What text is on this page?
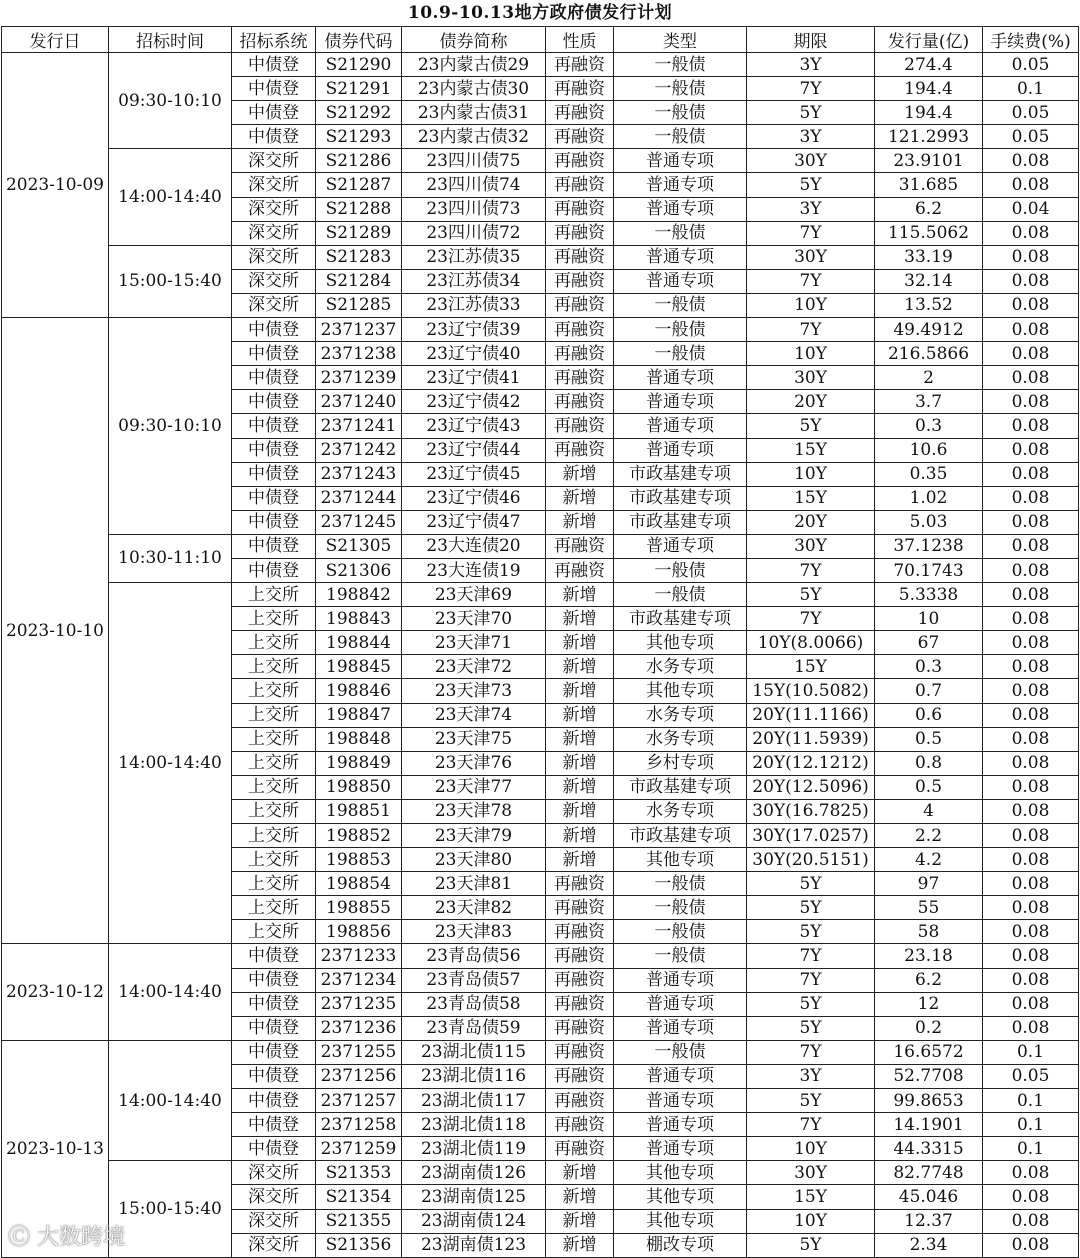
10.9-10.13地方政府债发行计划
发行日	招标时间	招标系统	债券代码	债券简称	性质	类型	期限	发行量(亿)	手续费(%)
2023-10-09	09:30-10:10	中债登	S21290	23内蒙古债29	再融资	一般债	3Y	274.4	0.05
		中债登	S21291	23内蒙古债30	再融资	一般债	7Y	194.4	0.1
		中债登	S21292	23内蒙古债31	再融资	一般债	5Y	194.4	0.05
		中债登	S21293	23内蒙古债32	再融资	一般债	3Y	121.2993	0.05
	14:00-14:40	深交所	S21286	23四川债75	再融资	普通专项	30Y	23.9101	0.08
		深交所	S21287	23四川债74	再融资	普通专项	5Y	31.685	0.08
		深交所	S21288	23四川债73	再融资	普通专项	3Y	6.2	0.04
		深交所	S21289	23四川债72	再融资	一般债	7Y	115.5062	0.08
	15:00-15:40	深交所	S21283	23江苏债35	再融资	普通专项	30Y	33.19	0.08
		深交所	S21284	23江苏债34	再融资	普通专项	7Y	32.14	0.08
		深交所	S21285	23江苏债33	再融资	一般债	10Y	13.52	0.08
2023-10-10	09:30-10:10	中债登	2371237	23辽宁债39	再融资	一般债	7Y	49.4912	0.08
		中债登	2371238	23辽宁债40	再融资	一般债	10Y	216.5866	0.08
		中债登	2371239	23辽宁债41	再融资	普通专项	30Y	2	0.08
		中债登	2371240	23辽宁债42	再融资	普通专项	20Y	3.7	0.08
		中债登	2371241	23辽宁债43	再融资	普通专项	5Y	0.3	0.08
		中债登	2371242	23辽宁债44	再融资	普通专项	15Y	10.6	0.08
		中债登	2371243	23辽宁债45	新增	市政基建专项	10Y	0.35	0.08
		中债登	2371244	23辽宁债46	新增	市政基建专项	15Y	1.02	0.08
		中债登	2371245	23辽宁债47	新增	市政基建专项	20Y	5.03	0.08
	10:30-11:10	中债登	S21305	23大连债20	再融资	普通专项	30Y	37.1238	0.08
		中债登	S21306	23大连债19	再融资	一般债	7Y	70.1743	0.08
	14:00-14:40	上交所	198842	23天津69	新增	一般债	5Y	5.3338	0.08
		上交所	198843	23天津70	新增	市政基建专项	7Y	10	0.08
		上交所	198844	23天津71	新增	其他专项	10Y(8.0066)	67	0.08
		上交所	198845	23天津72	新增	水务专项	15Y	0.3	0.08
		上交所	198846	23天津73	新增	其他专项	15Y(10.5082)	0.7	0.08
		上交所	198847	23天津74	新增	水务专项	20Y(11.1166)	0.6	0.08
		上交所	198848	23天津75	新增	水务专项	20Y(11.5939)	0.5	0.08
		上交所	198849	23天津76	新增	乡村专项	20Y(12.1212)	0.8	0.08
		上交所	198850	23天津77	新增	市政基建专项	20Y(12.5096)	0.5	0.08
		上交所	198851	23天津78	新增	水务专项	30Y(16.7825)	4	0.08
		上交所	198852	23天津79	新增	市政基建专项	30Y(17.0257)	2.2	0.08
		上交所	198853	23天津80	新增	其他专项	30Y(20.5151)	4.2	0.08
		上交所	198854	23天津81	再融资	一般债	5Y	97	0.08
		上交所	198855	23天津82	再融资	一般债	5Y	55	0.08
		上交所	198856	23天津83	再融资	一般债	5Y	58	0.08
2023-10-12	14:00-14:40	中债登	2371233	23青岛债56	再融资	一般债	7Y	23.18	0.08
		中债登	2371234	23青岛债57	再融资	普通专项	7Y	6.2	0.08
		中债登	2371235	23青岛债58	再融资	普通专项	5Y	12	0.08
		中债登	2371236	23青岛债59	再融资	普通专项	5Y	0.2	0.08
2023-10-13	14:00-14:40	中债登	2371255	23湖北债115	再融资	一般债	7Y	16.6572	0.1
		中债登	2371256	23湖北债116	再融资	普通专项	3Y	52.7708	0.05
		中债登	2371257	23湖北债117	再融资	普通专项	5Y	99.8653	0.1
		中债登	2371258	23湖北债118	再融资	普通专项	7Y	14.1901	0.1
		中债登	2371259	23湖北债119	再融资	普通专项	10Y	44.3315	0.1
	15:00-15:40	深交所	S21353	23湖南债126	新增	其他专项	30Y	82.7748	0.08
		深交所	S21354	23湖南债125	新增	其他专项	15Y	45.046	0.08
		深交所	S21355	23湖南债124	新增	其他专项	10Y	12.37	0.08
		深交所	S21356	23湖南债123	新增	棚改专项	5Y	2.34	0.08
Ⓒ 大数跨境
